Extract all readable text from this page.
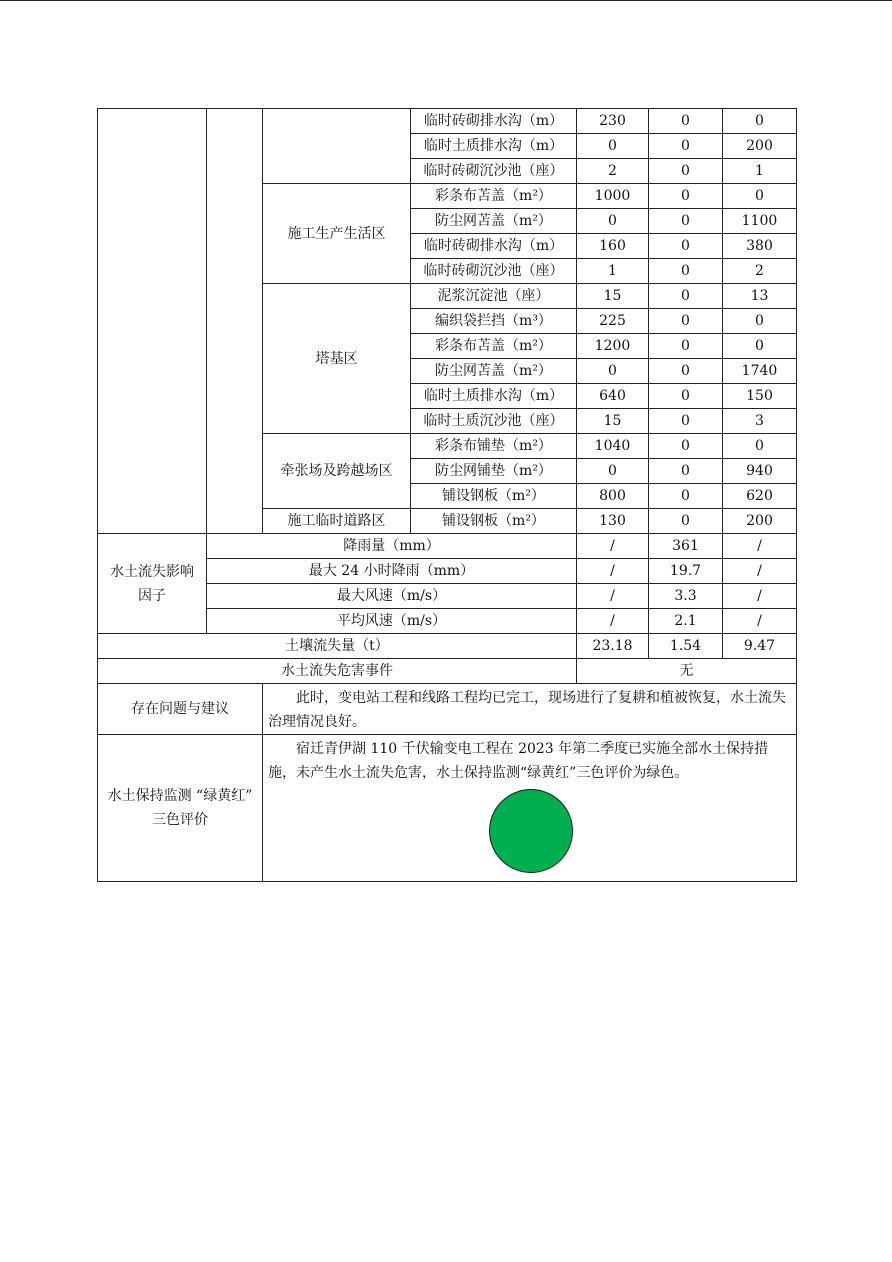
			临时砖砌排水沟（m）	230	0	0
			临时土质排水沟（m）	0	0	200
			临时砖砌沉沙池（座）	2	0	1
		施工生产生活区	彩条布苫盖（m²）	1000	0	0
			防尘网苫盖（m²）	0	0	1100
			临时砖砌排水沟（m）	160	0	380
			临时砖砌沉沙池（座）	1	0	2
		塔基区	泥浆沉淀池（座）	15	0	13
			编织袋拦挡（m³）	225	0	0
			彩条布苫盖（m²）	1200	0	0
			防尘网苫盖（m²）	0	0	1740
			临时土质排水沟（m）	640	0	150
			临时土质沉沙池（座）	15	0	3
		牵张场及跨越场区	彩条布铺垫（m²）	1040	0	0
			防尘网铺垫（m²）	0	0	940
			铺设钢板（m²）	800	0	620
		施工临时道路区	铺设钢板（m²）	130	0	200
水土流失影响因子	降雨量（mm）			/	361	/
	最大 24 小时降雨（mm）			/	19.7	/
	最大风速（m/s）			/	3.3	/
	平均风速（m/s）			/	2.1	/
土壤流失量（t）				23.18	1.54	9.47
水土流失危害事件				无		
存在问题与建议		此时，变电站工程和线路工程均已完工，现场进行了复耕和植被恢复，水土流失治理情况良好。				

水土保持监测 “绿黄红” 三色评价		宿迁青伊湖 110 千伏输变电工程在 2023 年第二季度已实施全部水土保持措施，未产生水土流失危害，水土保持监测“绿黄红”三色评价为绿色。				
